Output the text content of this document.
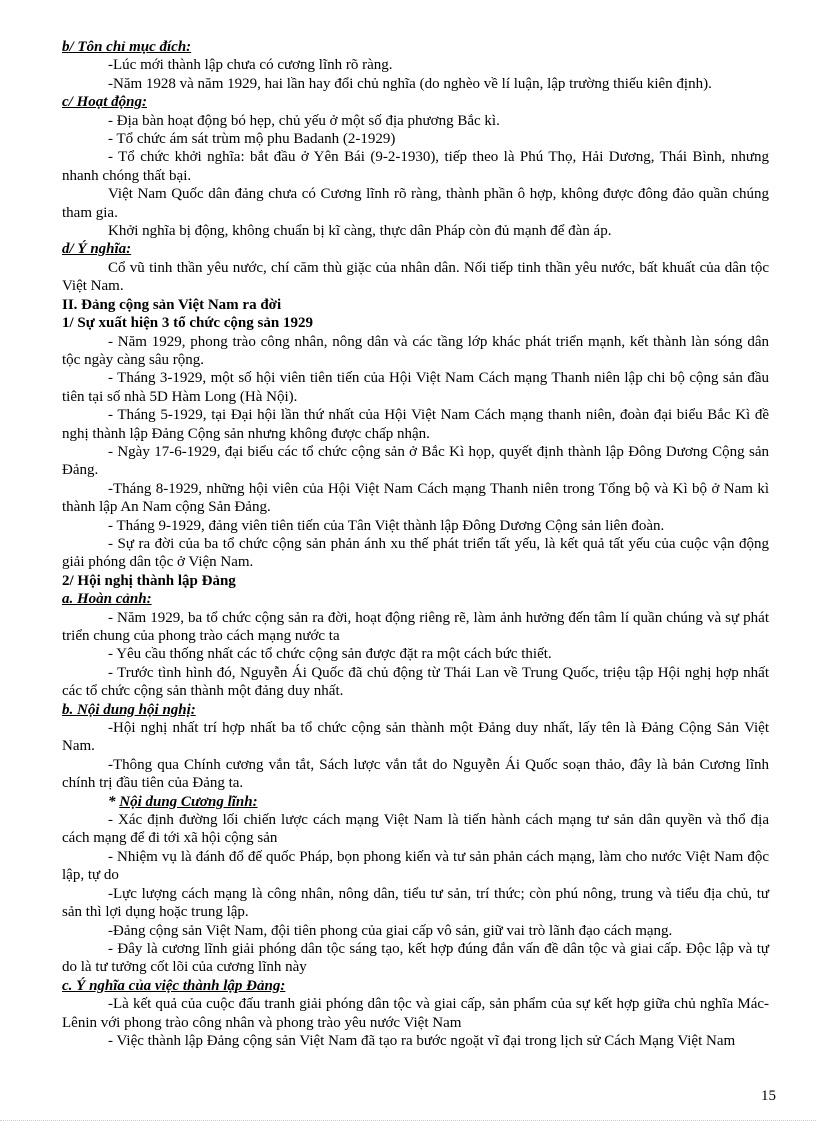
b/ Tôn chỉ mục đích:

-Lúc mới thành lập chưa có cương lĩnh rõ ràng.

-Năm 1928 và năm 1929, hai lần hay đổi chủ nghĩa (do nghèo về lí luận, lập trường thiếu kiên định).

c/ Hoạt động:

- Địa bàn hoạt động bó hẹp, chủ yếu ở một số địa phương Bắc kì.

- Tổ chức ám sát trùm mộ phu Badanh (2-1929)

- Tổ chức khởi nghĩa: bắt đầu ở Yên Bái (9-2-1930), tiếp theo là Phú Thọ, Hải Dương, Thái Bình, nhưng nhanh chóng thất bại.

Việt Nam Quốc dân đảng chưa có Cương lĩnh rõ ràng, thành phần ô hợp, không được đông đảo quần chúng tham gia.

Khởi nghĩa bị động, không chuẩn bị kĩ càng, thực dân Pháp còn đủ mạnh để đàn áp.

d/ Ý nghĩa:

Cổ vũ tinh thần yêu nước, chí căm thù giặc của nhân dân. Nối tiếp tinh thần yêu nước, bất khuất của dân tộc Việt Nam.

II. Đảng cộng sản Việt Nam ra đời

1/ Sự xuất hiện 3 tổ chức cộng sản 1929

- Năm 1929, phong trào công nhân, nông dân và các tầng lớp khác phát triển mạnh, kết thành làn sóng dân tộc ngày càng sâu rộng.

- Tháng 3-1929, một số hội viên tiên tiến của Hội Việt Nam Cách mạng Thanh niên lập chi bộ cộng sản đầu tiên tại số nhà 5D Hàm Long (Hà Nội).

- Tháng 5-1929, tại Đại hội lần thứ nhất của Hội Việt Nam Cách mạng thanh niên, đoàn đại biểu Bắc Kì đề nghị thành lập Đảng Cộng sản nhưng không được chấp nhận.

- Ngày 17-6-1929, đại biểu các tổ chức cộng sản ở Bắc Kì họp, quyết định thành lập Đông Dương Cộng sản Đảng.

-Tháng 8-1929, những hội viên của Hội Việt Nam Cách mạng Thanh niên trong Tổng bộ và Kì bộ ở Nam kì thành lập An Nam cộng Sản Đảng.

- Tháng 9-1929, đảng viên tiên tiến của Tân Việt thành lập Đông Dương Cộng sản liên đoàn.

- Sự ra đời của ba tổ chức cộng sản phản ánh xu thế phát triển tất yếu, là kết quả tất yếu của cuộc vận động giải phóng dân tộc ở Viện Nam.

2/ Hội nghị thành lập Đảng

a. Hoàn cảnh:

- Năm 1929, ba tổ chức cộng sản ra đời, hoạt động riêng rẽ, làm ảnh hưởng đến tâm lí quần chúng và sự phát triển chung của phong trào cách mạng nước ta

- Yêu cầu thống nhất các tổ chức cộng sản được đặt ra một cách bức thiết.

- Trước tình hình đó, Nguyễn Ái Quốc đã chủ động từ Thái Lan về Trung Quốc, triệu tập Hội nghị hợp nhất các tổ chức cộng sản thành một đảng duy nhất.

b. Nội dung hội nghị:

-Hội nghị nhất trí hợp nhất ba tổ chức cộng sản thành một Đảng duy nhất, lấy tên là Đảng Cộng Sản Việt Nam.

-Thông qua Chính cương vắn tắt, Sách lược vắn tắt do Nguyễn Ái Quốc soạn thảo, đây là bản Cương lĩnh chính trị đầu tiên của Đảng ta.

* Nội dung Cương lĩnh:

- Xác định đường lối chiến lược cách mạng Việt Nam là tiến hành cách mạng tư sản dân quyền và thổ địa cách mạng để đi tới xã hội cộng sản

- Nhiệm vụ là đánh đổ đế quốc Pháp, bọn phong kiến và tư sản phản cách mạng, làm cho nước Việt Nam độc lập, tự do

-Lực lượng cách mạng là công nhân, nông dân, tiểu tư sản, trí thức; còn phú nông, trung và tiểu địa chủ, tư sản thì lợi dụng hoặc trung lập.

-Đảng cộng sản Việt Nam, đội tiên phong của giai cấp vô sản, giữ vai trò lãnh đạo cách mạng.

- Đây là cương lĩnh giải phóng dân tộc sáng tạo, kết hợp đúng đắn vấn đề dân tộc và giai cấp. Độc lập và tự do là tư tưởng cốt lõi của cương lĩnh này

c. Ý nghĩa của việc thành lập Đảng:

-Là kết quả của cuộc đấu tranh giải phóng dân tộc và giai cấp, sản phẩm của sự kết hợp giữa chủ nghĩa Mác-Lênin với phong trào công nhân và phong trào yêu nước Việt Nam

- Việc thành lập Đảng cộng sản Việt Nam đã tạo ra bước ngoặt vĩ đại trong lịch sử Cách Mạng Việt Nam

15
